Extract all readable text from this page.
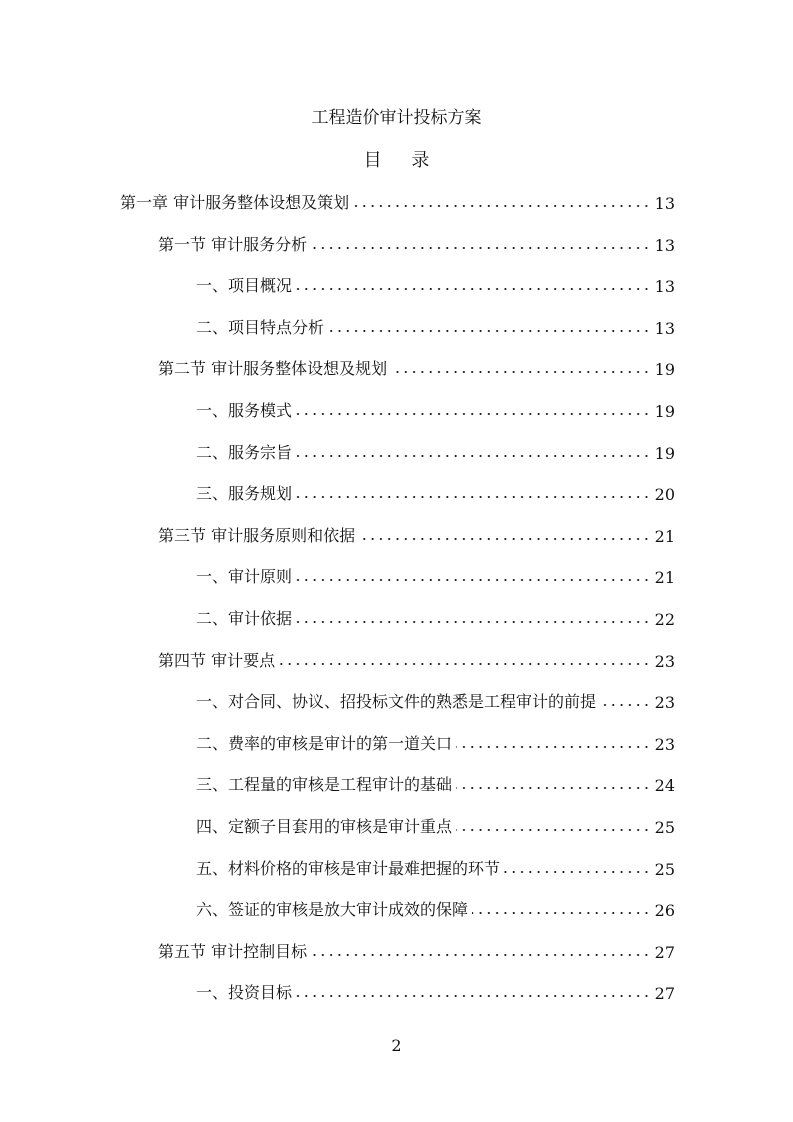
工程造价审计投标方案
目 录
第一章 审计服务整体设想及策划	13
第一节 审计服务分析	13
一、项目概况	13
二、项目特点分析	13
第二节 审计服务整体设想及规划	19
一、服务模式	19
二、服务宗旨	19
三、服务规划	20
第三节 审计服务原则和依据	21
一、审计原则	21
二、审计依据	22
第四节 审计要点	23
一、对合同、协议、招投标文件的熟悉是工程审计的前提	23
二、费率的审核是审计的第一道关口	23
三、工程量的审核是工程审计的基础	24
四、定额子目套用的审核是审计重点	25
五、材料价格的审核是审计最难把握的环节	25
六、签证的审核是放大审计成效的保障	26
第五节 审计控制目标	27
一、投资目标	27
2
